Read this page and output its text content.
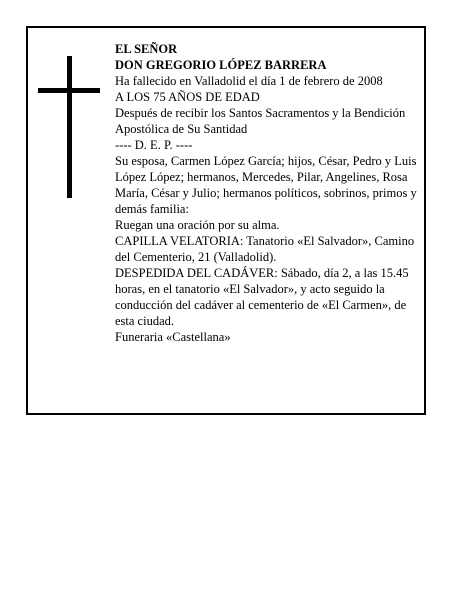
EL SEÑOR

DON GREGORIO LÓPEZ BARRERA

Ha fallecido en Valladolid el día 1 de febrero de 2008

A LOS 75 AÑOS DE EDAD

Después de recibir los Santos Sacramentos y la Bendición Apostólica de Su Santidad

---- D. E. P. ----

Su esposa, Carmen López García; hijos, César, Pedro y Luis López López; hermanos, Mercedes, Pilar, Angelines, Rosa María, César y Julio; hermanos políticos, sobrinos, primos y demás familia:

Ruegan una oración por su alma.

CAPILLA VELATORIA: Tanatorio «El Salvador», Camino del Cementerio, 21 (Valladolid).

DESPEDIDA DEL CADÁVER: Sábado, día 2, a las 15.45 horas, en el tanatorio «El Salvador», y acto seguido la conducción del cadáver al cementerio de «El Carmen», de esta ciudad.

Funeraria «Castellana»
